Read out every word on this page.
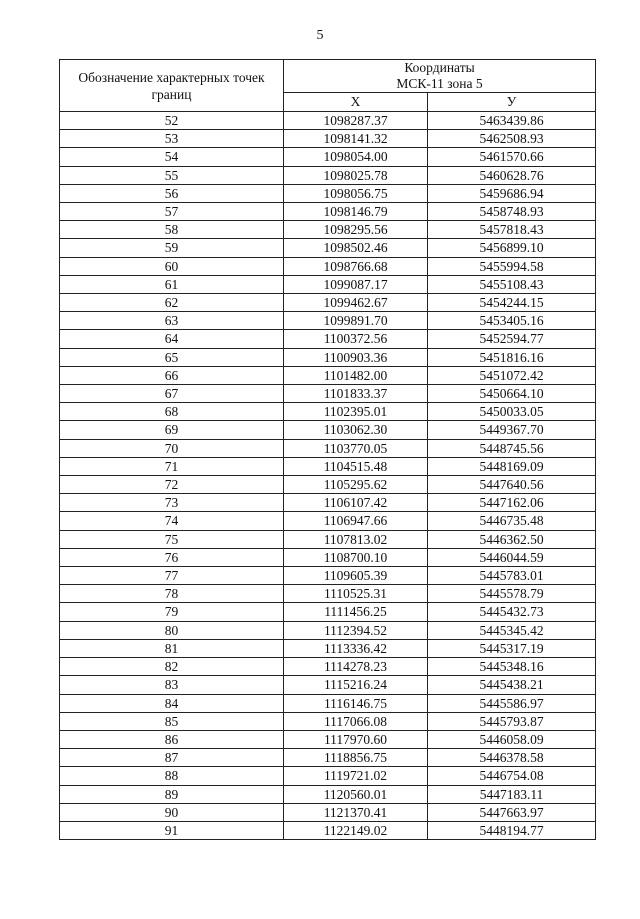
5
Обозначение характерных точек границ	Координаты
МСК-11 зона 5	

	Х	У
52	1098287.37	5463439.86
53	1098141.32	5462508.93
54	1098054.00	5461570.66
55	1098025.78	5460628.76
56	1098056.75	5459686.94
57	1098146.79	5458748.93
58	1098295.56	5457818.43
59	1098502.46	5456899.10
60	1098766.68	5455994.58
61	1099087.17	5455108.43
62	1099462.67	5454244.15
63	1099891.70	5453405.16
64	1100372.56	5452594.77
65	1100903.36	5451816.16
66	1101482.00	5451072.42
67	1101833.37	5450664.10
68	1102395.01	5450033.05
69	1103062.30	5449367.70
70	1103770.05	5448745.56
71	1104515.48	5448169.09
72	1105295.62	5447640.56
73	1106107.42	5447162.06
74	1106947.66	5446735.48
75	1107813.02	5446362.50
76	1108700.10	5446044.59
77	1109605.39	5445783.01
78	1110525.31	5445578.79
79	1111456.25	5445432.73
80	1112394.52	5445345.42
81	1113336.42	5445317.19
82	1114278.23	5445348.16
83	1115216.24	5445438.21
84	1116146.75	5445586.97
85	1117066.08	5445793.87
86	1117970.60	5446058.09
87	1118856.75	5446378.58
88	1119721.02	5446754.08
89	1120560.01	5447183.11
90	1121370.41	5447663.97
91	1122149.02	5448194.77
